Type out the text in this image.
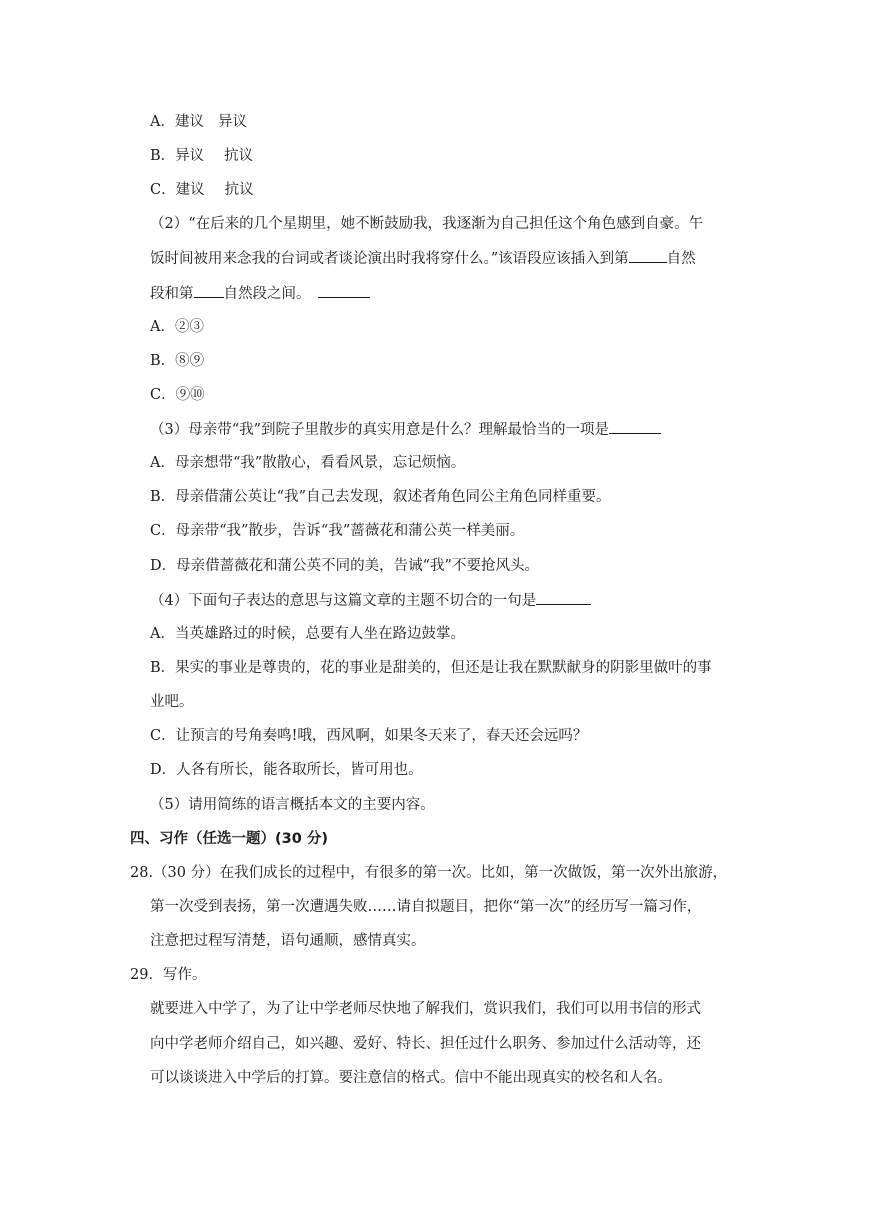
A．建议 异议
B．异议 抗议
C．建议 抗议
（2）“在后来的几个星期里，她不断鼓励我，我逐渐为自己担任这个角色感到自豪。午
饭时间被用来念我的台词或者谈论演出时我将穿什么。”该语段应该插入到第	自然
段和第 自然段之间。
A．②③
B．⑧⑨
C．⑨⑩
（3）母亲带“我”到院子里散步的真实用意是什么？理解最恰当的一项是
A．母亲想带“我”散散心，看看风景，忘记烦恼。
B．母亲借蒲公英让“我”自己去发现，叙述者角色同公主角色同样重要。
C．母亲带“我”散步，告诉“我”蔷薇花和蒲公英一样美丽。
D．母亲借蔷薇花和蒲公英不同的美，告诫“我”不要抢风头。
（4）下面句子表达的意思与这篇文章的主题不切合的一句是
A．当英雄路过的时候，总要有人坐在路边鼓掌。
B．果实的事业是尊贵的，花的事业是甜美的，但还是让我在默默献身的阴影里做叶的事
业吧。
C．让预言的号角奏鸣!哦，西风啊，如果冬天来了，春天还会远吗？
D．人各有所长，能各取所长，皆可用也。
（5）请用简练的语言概括本文的主要内容。
四、习作（任选一题）(30 分)
28.（30 分）在我们成长的过程中，有很多的第一次。比如，第一次做饭，第一次外出旅游，
第一次受到表扬，第一次遭遇失败……请自拟题目，把你“第一次”的经历写一篇习作，
注意把过程写清楚，语句通顺，感情真实。
29．写作。
就要进入中学了，为了让中学老师尽快地了解我们，赏识我们，我们可以用书信的形式
向中学老师介绍自己，如兴趣、爱好、特长、担任过什么职务、参加过什么活动等，还
可以谈谈进入中学后的打算。要注意信的格式。信中不能出现真实的校名和人名。
